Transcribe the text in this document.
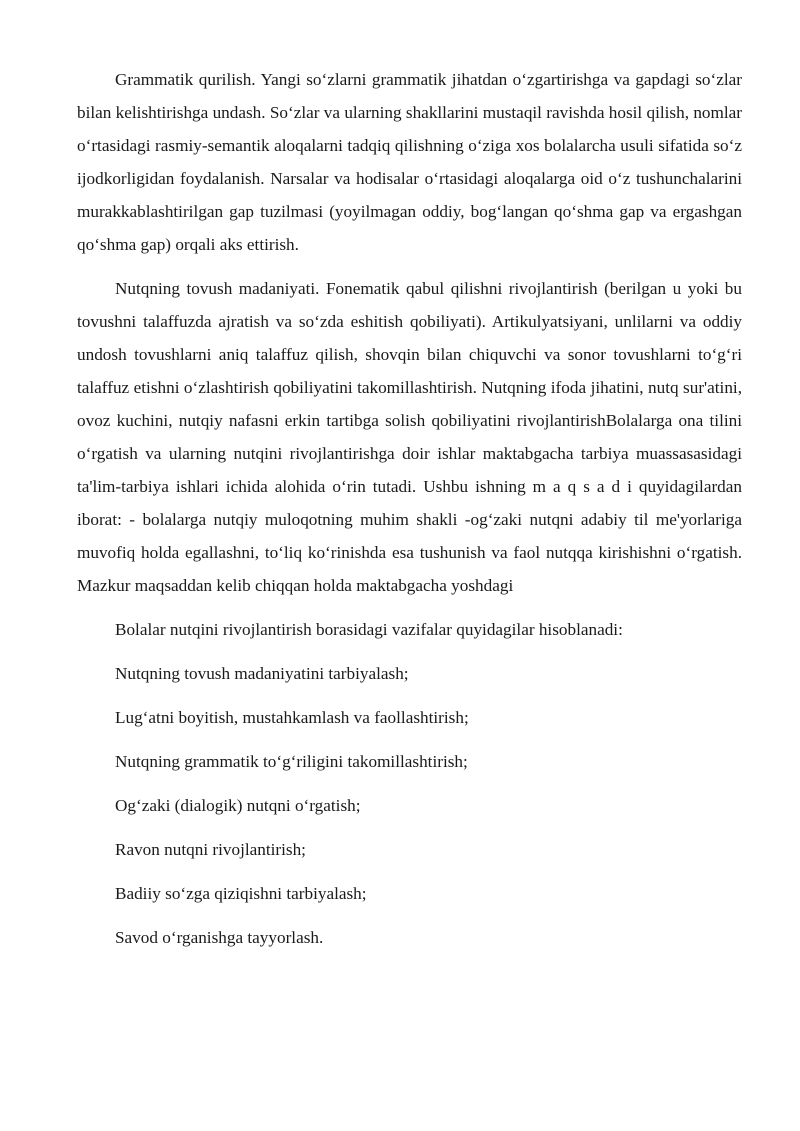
Grammatik qurilish. Yangi so‘zlarni grammatik jihatdan o‘zgartirishga va gapdagi so‘zlar bilan kelishtirishga undash. So‘zlar va ularning shakllarini mustaqil ravishda hosil qilish, nomlar o‘rtasidagi rasmiy-semantik aloqalarni tadqiq qilishning o‘ziga xos bolalarcha usuli sifatida so‘z ijodkorligidan foydalanish. Narsalar va hodisalar o‘rtasidagi aloqalarga oid o‘z tushunchalarini murakkablashtirilgan gap tuzilmasi (yoyilmagan oddiy, bog‘langan qo‘shma gap va ergashgan qo‘shma gap) orqali aks ettirish.

Nutqning tovush madaniyati. Fonematik qabul qilishni rivojlantirish (berilgan u yoki bu tovushni talaffuzda ajratish va so‘zda eshitish qobiliyati). Artikulyatsiyani, unlilarni va oddiy undosh tovushlarni aniq talaffuz qilish, shovqin bilan chiquvchi va sonor tovushlarni to‘g‘ri talaffuz etishni o‘zlashtirish qobiliyatini takomillashtirish. Nutqning ifoda jihatini, nutq sur'atini, ovoz kuchini, nutqiy nafasni erkin tartibga solish qobiliyatini rivojlantirishBolalarga ona tilini o‘rgatish va ularning nutqini rivojlantirishga doir ishlar maktabgacha tarbiya muassasasidagi ta'lim-tarbiya ishlari ichida alohida o‘rin tutadi. Ushbu ishning m a q s a d i quyidagilardan iborat: - bolalarga nutqiy muloqotning muhim shakli -og‘zaki nutqni adabiy til me'yorlariga muvofiq holda egallashni, to‘liq ko‘rinishda esa tushunish va faol nutqqa kirishishni o‘rgatish. Mazkur maqsaddan kelib chiqqan holda maktabgacha yoshdagi

Bolalar nutqini rivojlantirish borasidagi vazifalar quyidagilar hisoblanadi:

Nutqning tovush madaniyatini tarbiyalash;
Lug‘atni boyitish, mustahkamlash va faollashtirish;
Nutqning grammatik to‘g‘riligini takomillashtirish;
Og‘zaki (dialogik) nutqni o‘rgatish;
Ravon nutqni rivojlantirish;
Badiiy so‘zga qiziqishni tarbiyalash;
Savod o‘rganishga tayyorlash.
